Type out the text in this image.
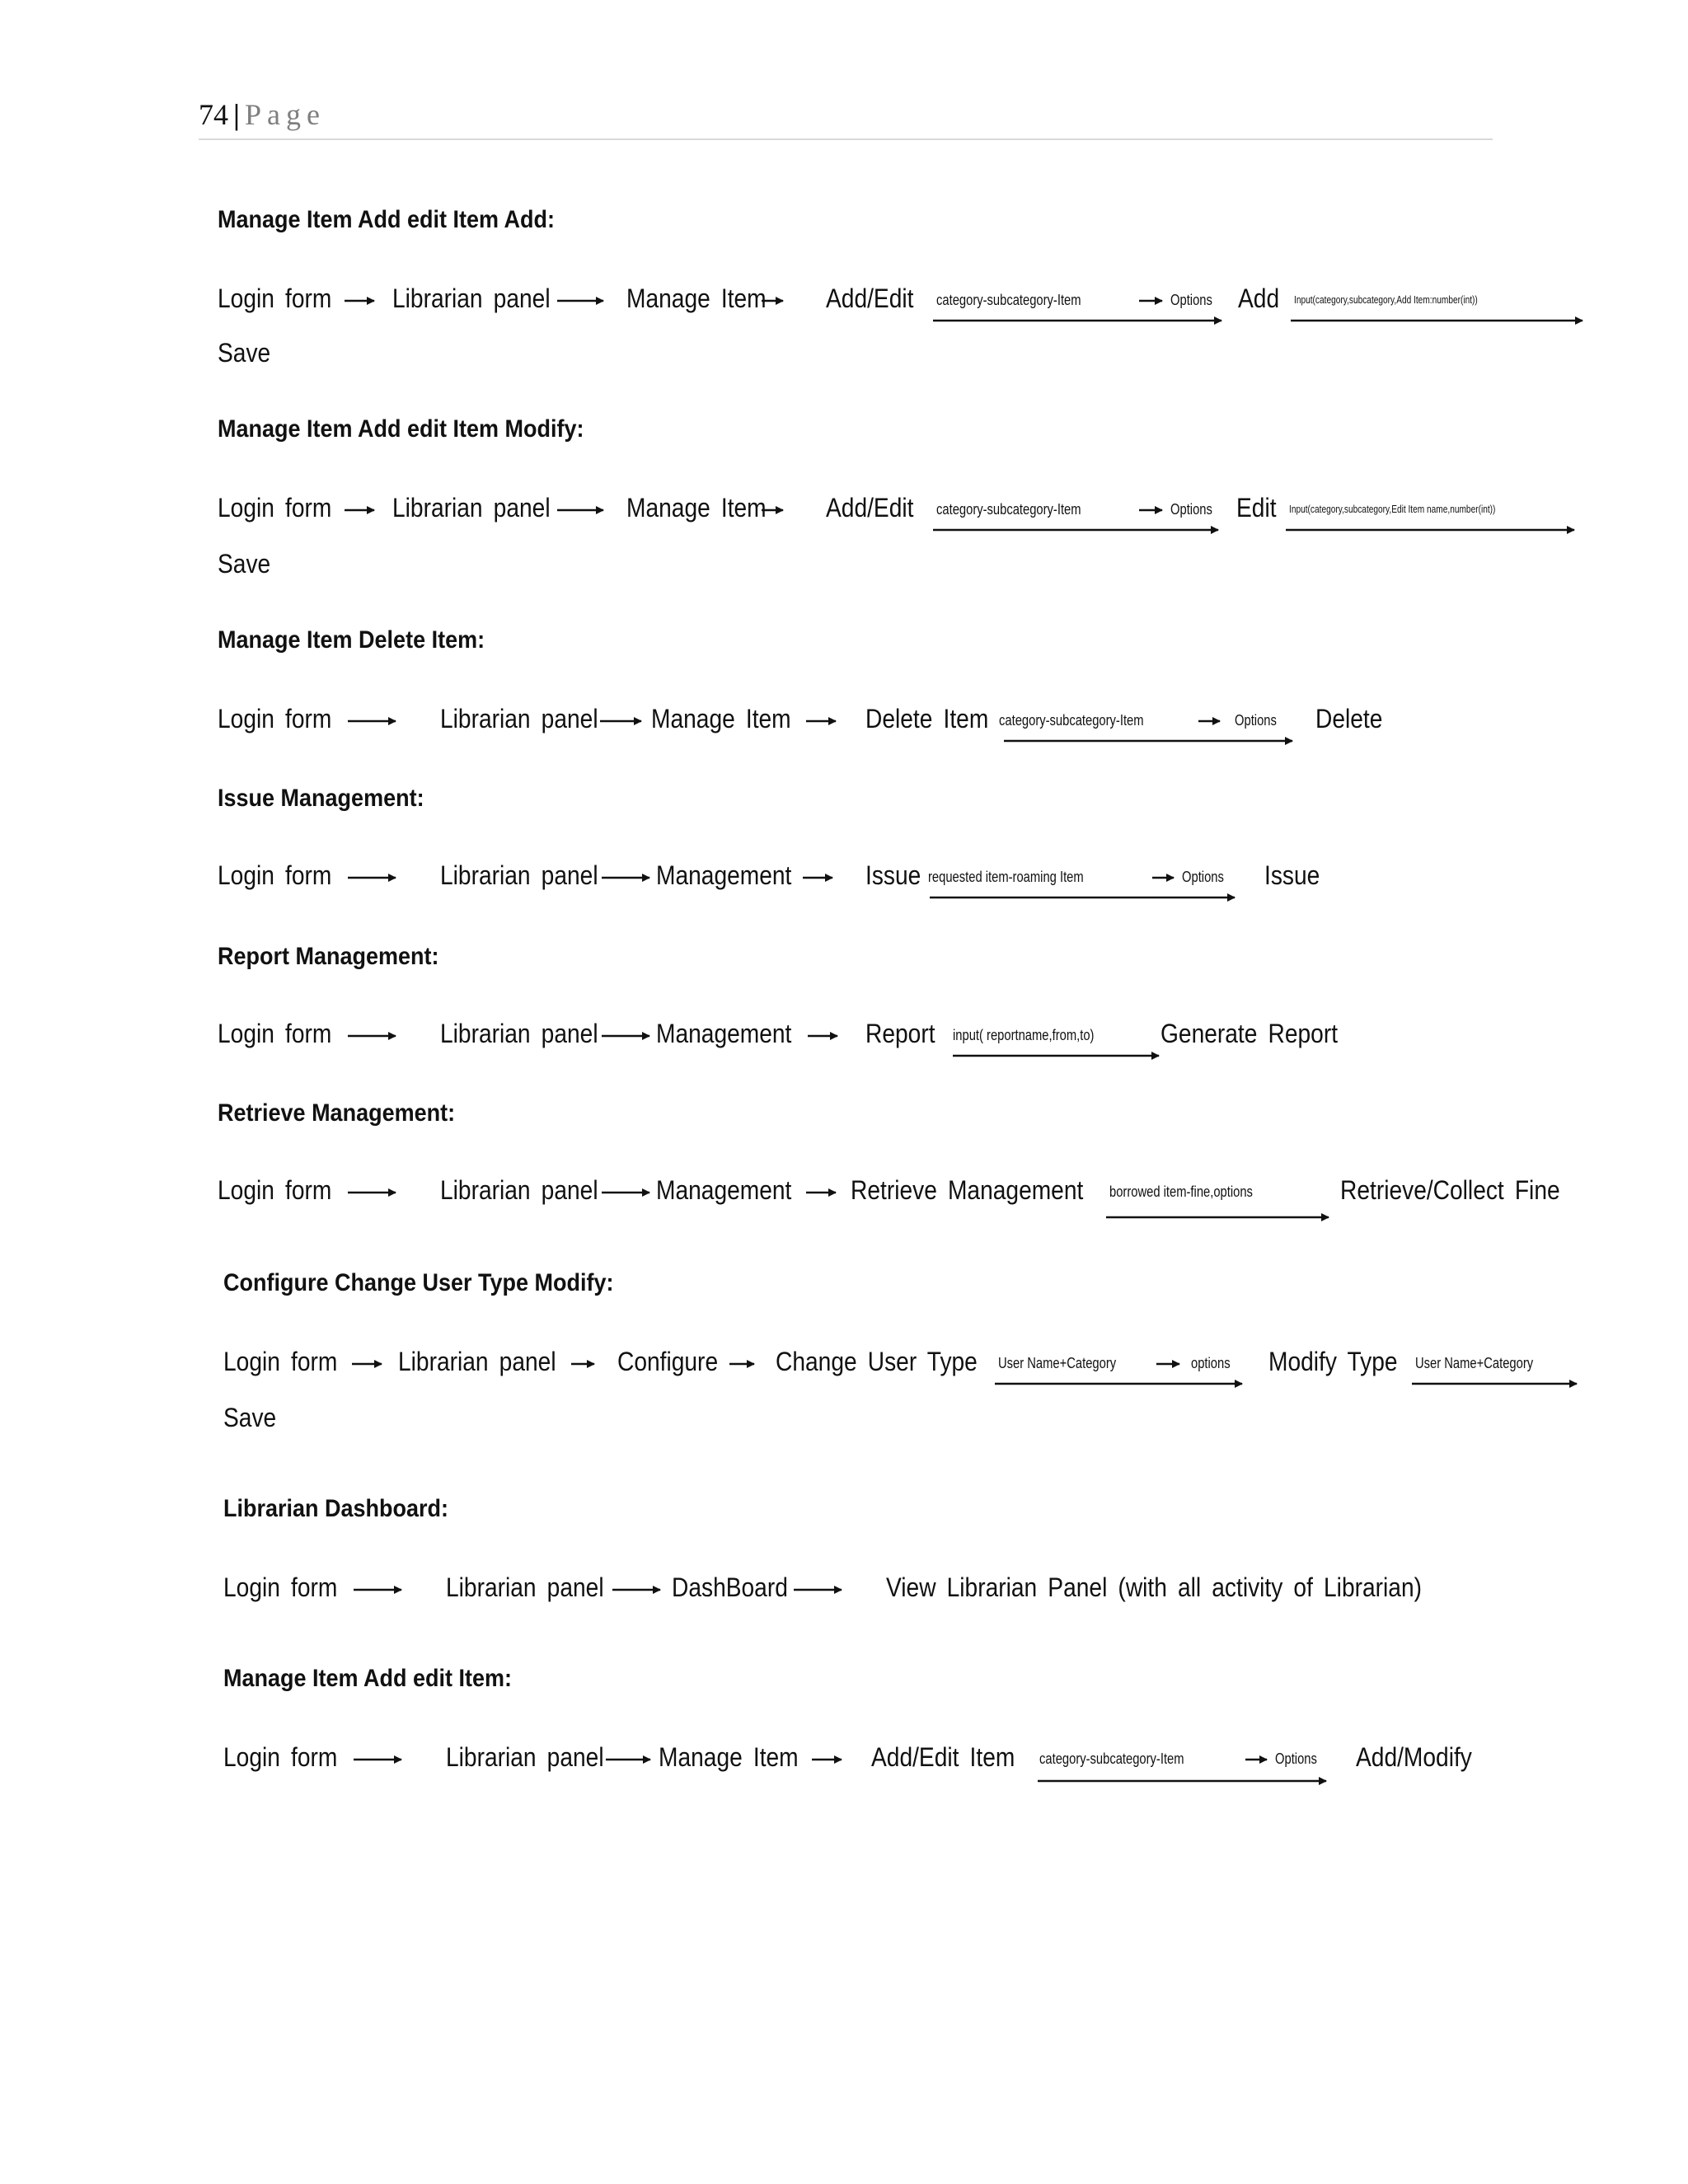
74 | Page
Manage Item Add edit Item Add:
Login form Librarian panel	Manage Item Add/Edit category-subcategory-Item	Options Add Input(category,subcategory,Add Item:number(int))
Save
Manage Item Add edit Item Modify:
Login form Librarian panel	Manage Item Add/Edit category-subcategory-Item	Options Edit Input(category,subcategory,Edit Item name,number(int))
Save
Manage Item Delete Item:
Login form	Librarian panel Manage Item	Delete Item category-subcategory-Item	Options Delete
Issue Management:
Login form	Librarian panel Management	Issue requested item-roaming Item	Options Issue
Report Management:
Login form	Librarian panel Management	Report input( reportname,from,to)	Generate Report
Retrieve Management:
Login form	Librarian panel Management Retrieve Management borrowed item-fine,options	Retrieve/Collect Fine
Configure Change User Type Modify:
Login form Librarian panel Configure Change User Type User Name+Category	options Modify Type User Name+Category
Save
Librarian Dashboard:
Login form	Librarian panel	DashBoard	View Librarian Panel (with all activity of Librarian)
Manage Item Add edit Item:
Login form	Librarian panel Manage Item	Add/Edit Item category-subcategory-Item	Options Add/Modify
